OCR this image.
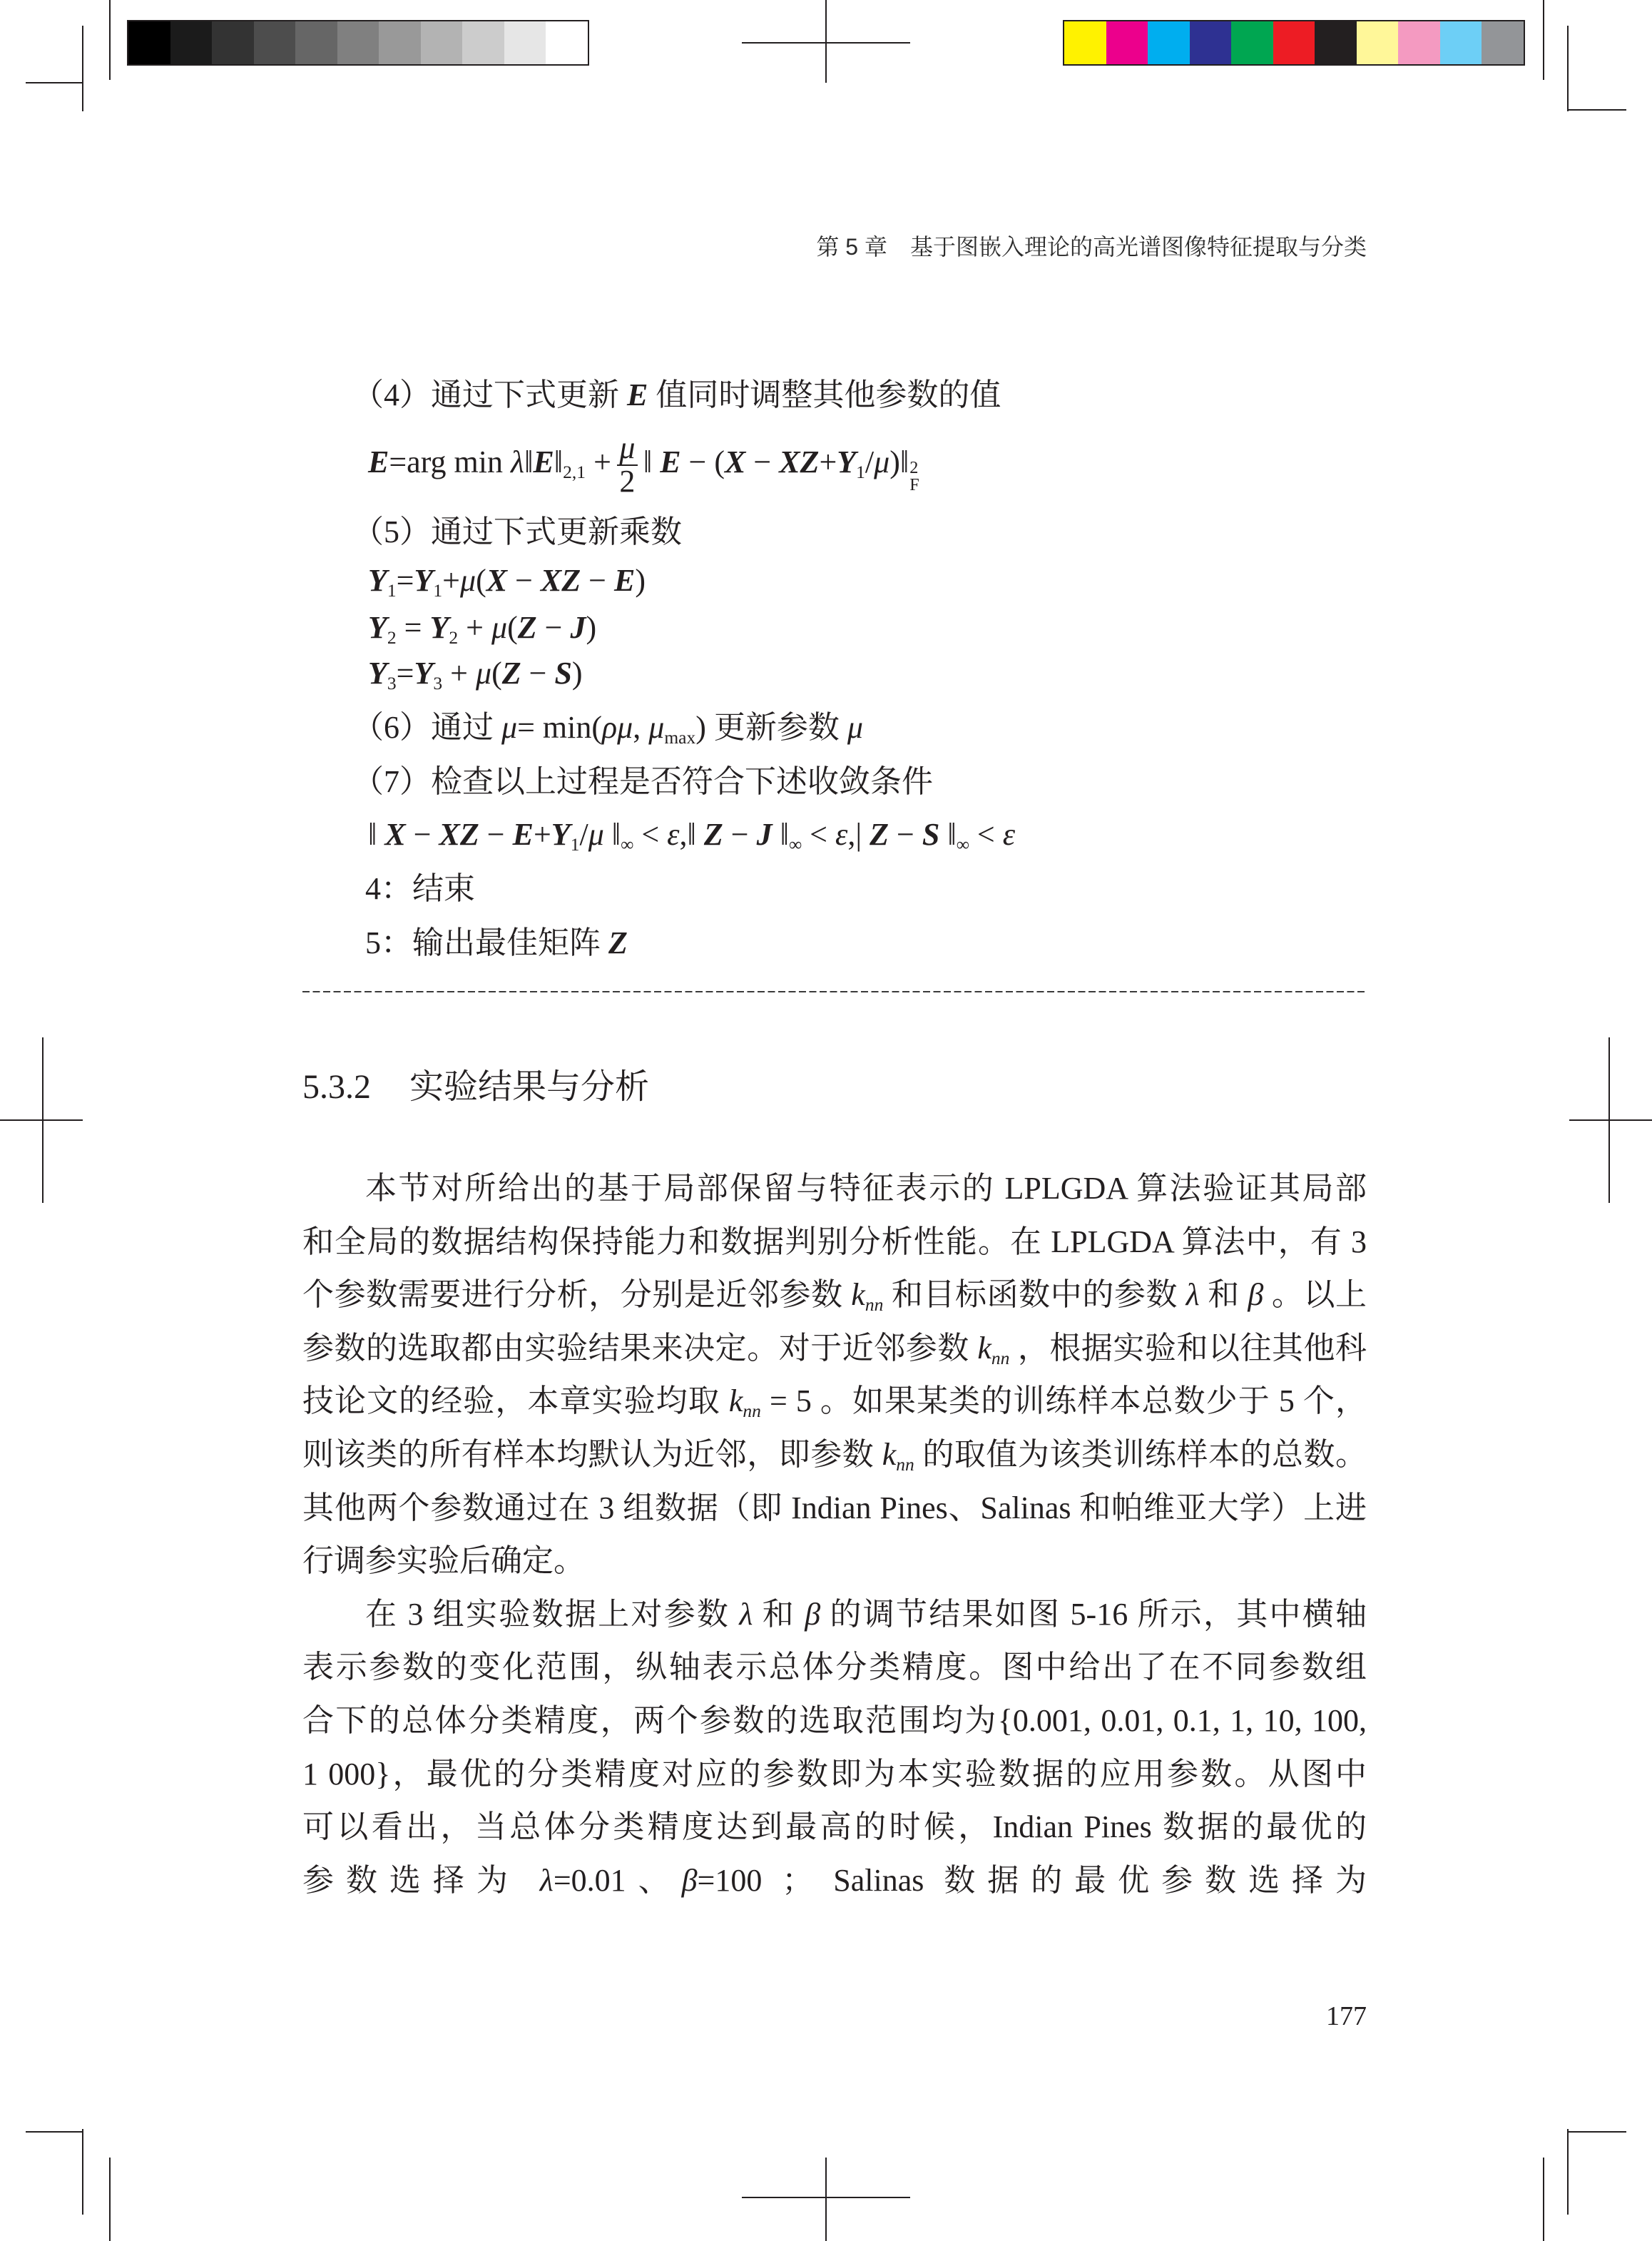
第 5 章　基于图嵌入理论的高光谱图像特征提取与分类
（4）通过下式更新 E 值同时调整其他参数的值
E=arg $\min \lambda‖E‖_{2,1} + \frac{\mu}{2}$ ‖ $E - (X - XZ+Y_1/\mu)‖$ 2
F
（5）通过下式更新乘数
$Y_1=Y_1+\mu(X$ − XZ − E)
$Y_2 = Y_2 + \mu(Z - J)$
$Y_3=Y_3 + \mu(Z - S)$
（6）通过 μ= min(ρμ, $\mu_{max}$) 更新参数 μ
（7）检查以上过程是否符合下述收敛条件
‖ X − XZ − $E+Y_1/\mu$ $‖_\infty$ < ε,‖ Z − J $‖_\infty < \varepsilon,|$ Z − S $‖_\infty < \varepsilon$
4：结束
5：输出最佳矩阵 Z
5.3.2 实验结果与分析
本节对所给出的基于局部保留与特征表示的 LPLGDA 算法验证其局部
和全局的数据结构保持能力和数据判别分析性能。在 LPLGDA 算法中，有 3
个参数需要进行分析，分别是近邻参数 $k_{nn}$ 和目标函数中的参数 λ 和 β 。以上
参数的选取都由实验结果来决定。对于近邻参数 $k_{nn}$ ，根据实验和以往其他科
技论文的经验，本章实验均取 $k_{nn} = 5$ 。如果某类的训练样本总数少于 5 个，
则该类的所有样本均默认为近邻，即参数 $k_{nn}$ 的取值为该类训练样本的总数。
其他两个参数通过在 3 组数据（即 Indian Pines、Salinas 和帕维亚大学）上进
行调参实验后确定。
在 3 组实验数据上对参数 λ 和 β 的调节结果如图 5-16 所示，其中横轴
表示参数的变化范围，纵轴表示总体分类精度。图中给出了在不同参数组
合下的总体分类精度，两个参数的选取范围均为{0.001, 0.01, 0.1, 1, 10, 100,
1 000}，最优的分类精度对应的参数即为本实验数据的应用参数。从图中
可以看出，当总体分类精度达到最高的时候，Indian Pines 数据的最优的
参数选择为 λ=0.01、β=100 ； Salinas 数据的最优参数选择为
177
